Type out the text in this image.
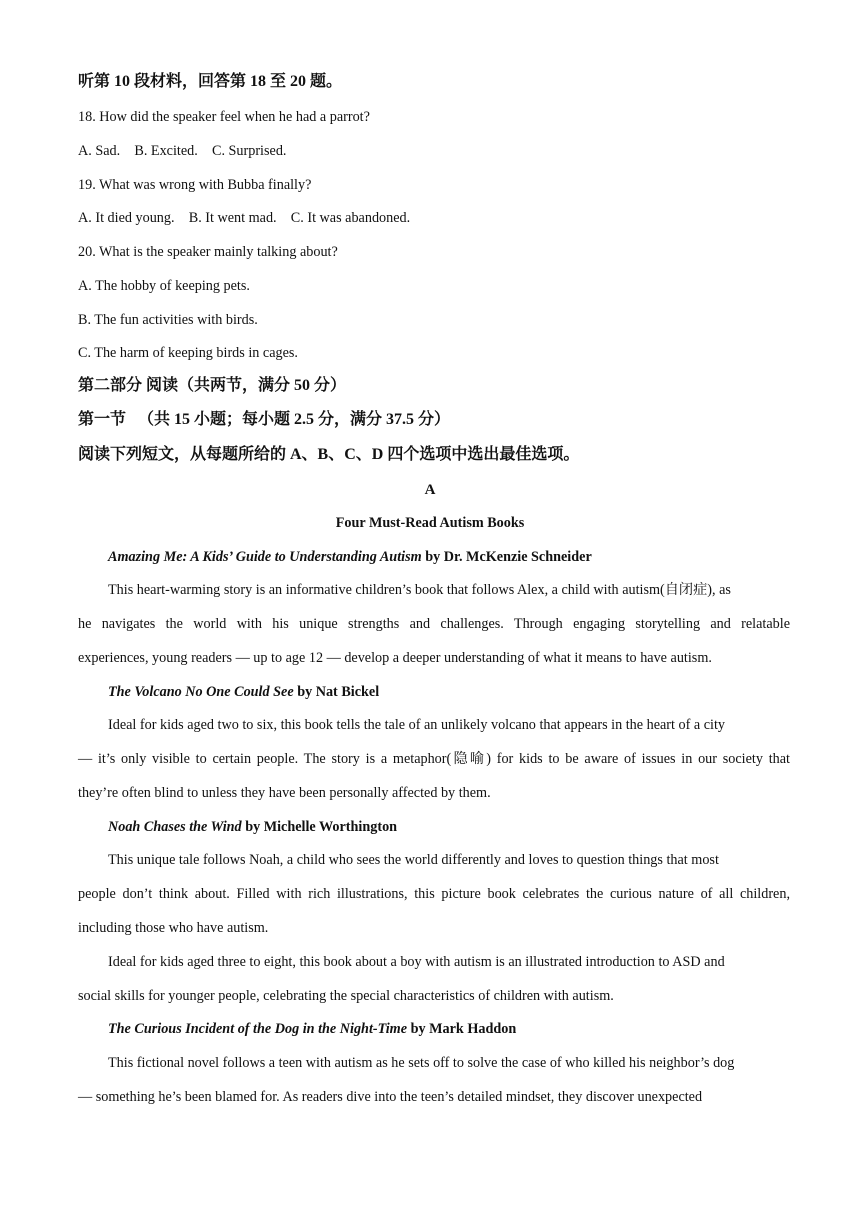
听第 10 段材料，回答第 18 至 20 题。
18. How did the speaker feel when he had a parrot?
A. Sad.    B. Excited.    C. Surprised.
19. What was wrong with Bubba finally?
A. It died young.    B. It went mad.    C. It was abandoned.
20. What is the speaker mainly talking about?
A. The hobby of keeping pets.
B. The fun activities with birds.
C. The harm of keeping birds in cages.
第二部分 阅读（共两节，满分 50 分）
第一节   （共 15 小题；每小题 2.5 分，满分 37.5 分）
阅读下列短文，从每题所给的 A、B、C、D 四个选项中选出最佳选项。
A
Four Must-Read Autism Books
Amazing Me: A Kids’ Guide to Understanding Autism by Dr. McKenzie Schneider
This heart-warming story is an informative children’s book that follows Alex, a child with autism(自闭症), as
he navigates the world with his unique strengths and challenges. Through engaging storytelling and relatable
experiences, young readers — up to age 12 — develop a deeper understanding of what it means to have autism.
The Volcano No One Could See by Nat Bickel
Ideal for kids aged two to six, this book tells the tale of an unlikely volcano that appears in the heart of a city
— it’s only visible to certain people. The story is a metaphor(隐喻) for kids to be aware of issues in our society that
they’re often blind to unless they have been personally affected by them.
Noah Chases the Wind by Michelle Worthington
This unique tale follows Noah, a child who sees the world differently and loves to question things that most
people don’t think about. Filled with rich illustrations, this picture book celebrates the curious nature of all children,
including those who have autism.
Ideal for kids aged three to eight, this book about a boy with autism is an illustrated introduction to ASD and
social skills for younger people, celebrating the special characteristics of children with autism.
The Curious Incident of the Dog in the Night-Time by Mark Haddon
This fictional novel follows a teen with autism as he sets off to solve the case of who killed his neighbor’s dog
— something he’s been blamed for. As readers dive into the teen’s detailed mindset, they discover unexpected
